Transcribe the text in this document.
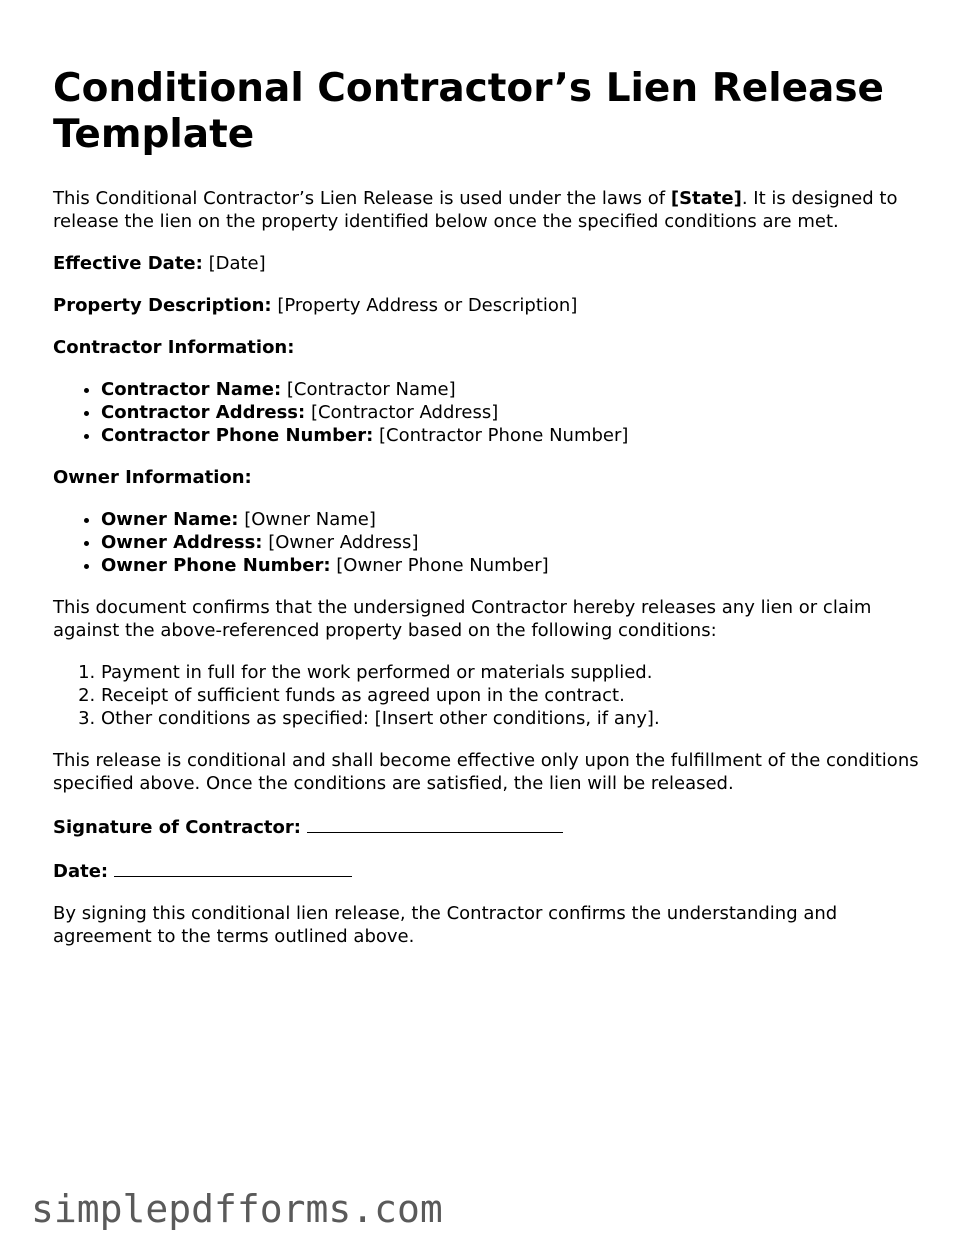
Conditional Contractor’s Lien Release Template

This Conditional Contractor’s Lien Release is used under the laws of [State]. It is designed to release the lien on the property identified below once the specified conditions are met.

Effective Date: [Date]

Property Description: [Property Address or Description]

Contractor Information:

• Contractor Name: [Contractor Name]
• Contractor Address: [Contractor Address]
• Contractor Phone Number: [Contractor Phone Number]

Owner Information:

• Owner Name: [Owner Name]
• Owner Address: [Owner Address]
• Owner Phone Number: [Owner Phone Number]

This document confirms that the undersigned Contractor hereby releases any lien or claim against the above-referenced property based on the following conditions:

1. Payment in full for the work performed or materials supplied.
2. Receipt of sufficient funds as agreed upon in the contract.
3. Other conditions as specified: [Insert other conditions, if any].

This release is conditional and shall become effective only upon the fulfillment of the conditions specified above. Once the conditions are satisfied, the lien will be released.

Signature of Contractor:

Date:

By signing this conditional lien release, the Contractor confirms the understanding and agreement to the terms outlined above.

simplepdfforms.com
